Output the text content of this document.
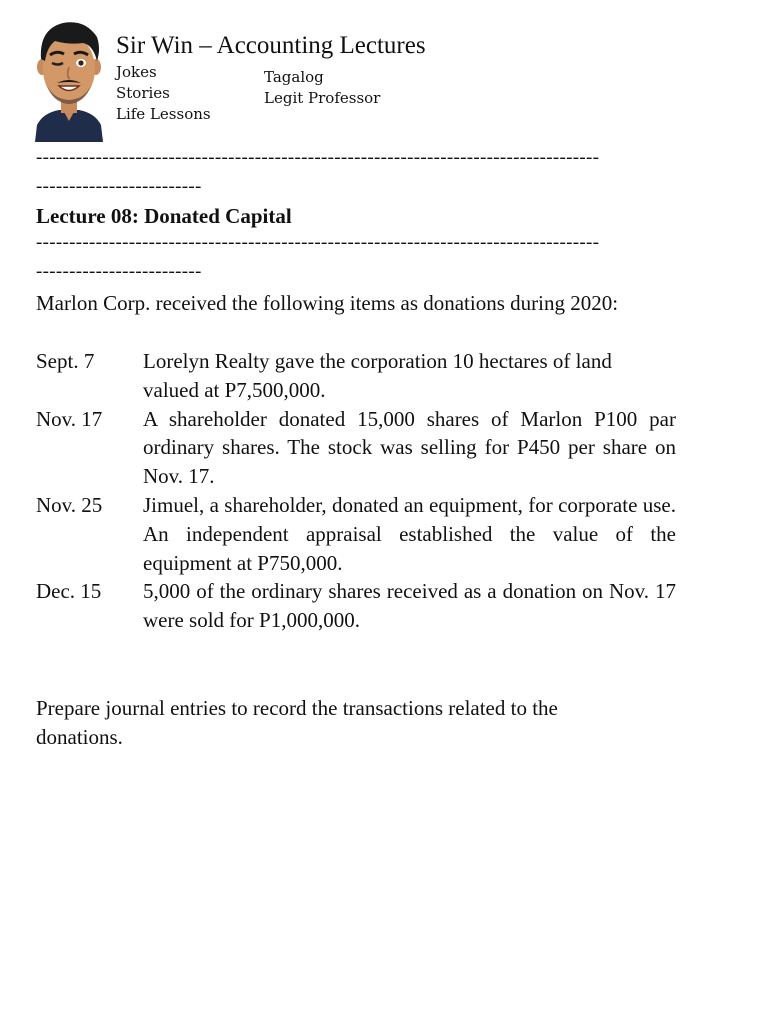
Sir Win – Accounting Lectures
Jokes
Stories
Life Lessons
Tagalog
Legit Professor
-------------------------------------------------------------------------------------
-------------------------
Lecture 08: Donated Capital
-------------------------------------------------------------------------------------
-------------------------
Marlon Corp. received the following items as donations during 2020:
Sept. 7	Lorelyn Realty gave the corporation 10 hectares of land valued at P7,500,000.
Nov. 17	A shareholder donated 15,000 shares of Marlon P100 par ordinary shares. The stock was selling for P450 per share on Nov. 17.
Nov. 25	Jimuel, a shareholder, donated an equipment, for corporate use. An independent appraisal established the value of the equipment at P750,000.
Dec. 15	5,000 of the ordinary shares received as a donation on Nov. 17 were sold for P1,000,000.
Prepare journal entries to record the transactions related to the donations.
